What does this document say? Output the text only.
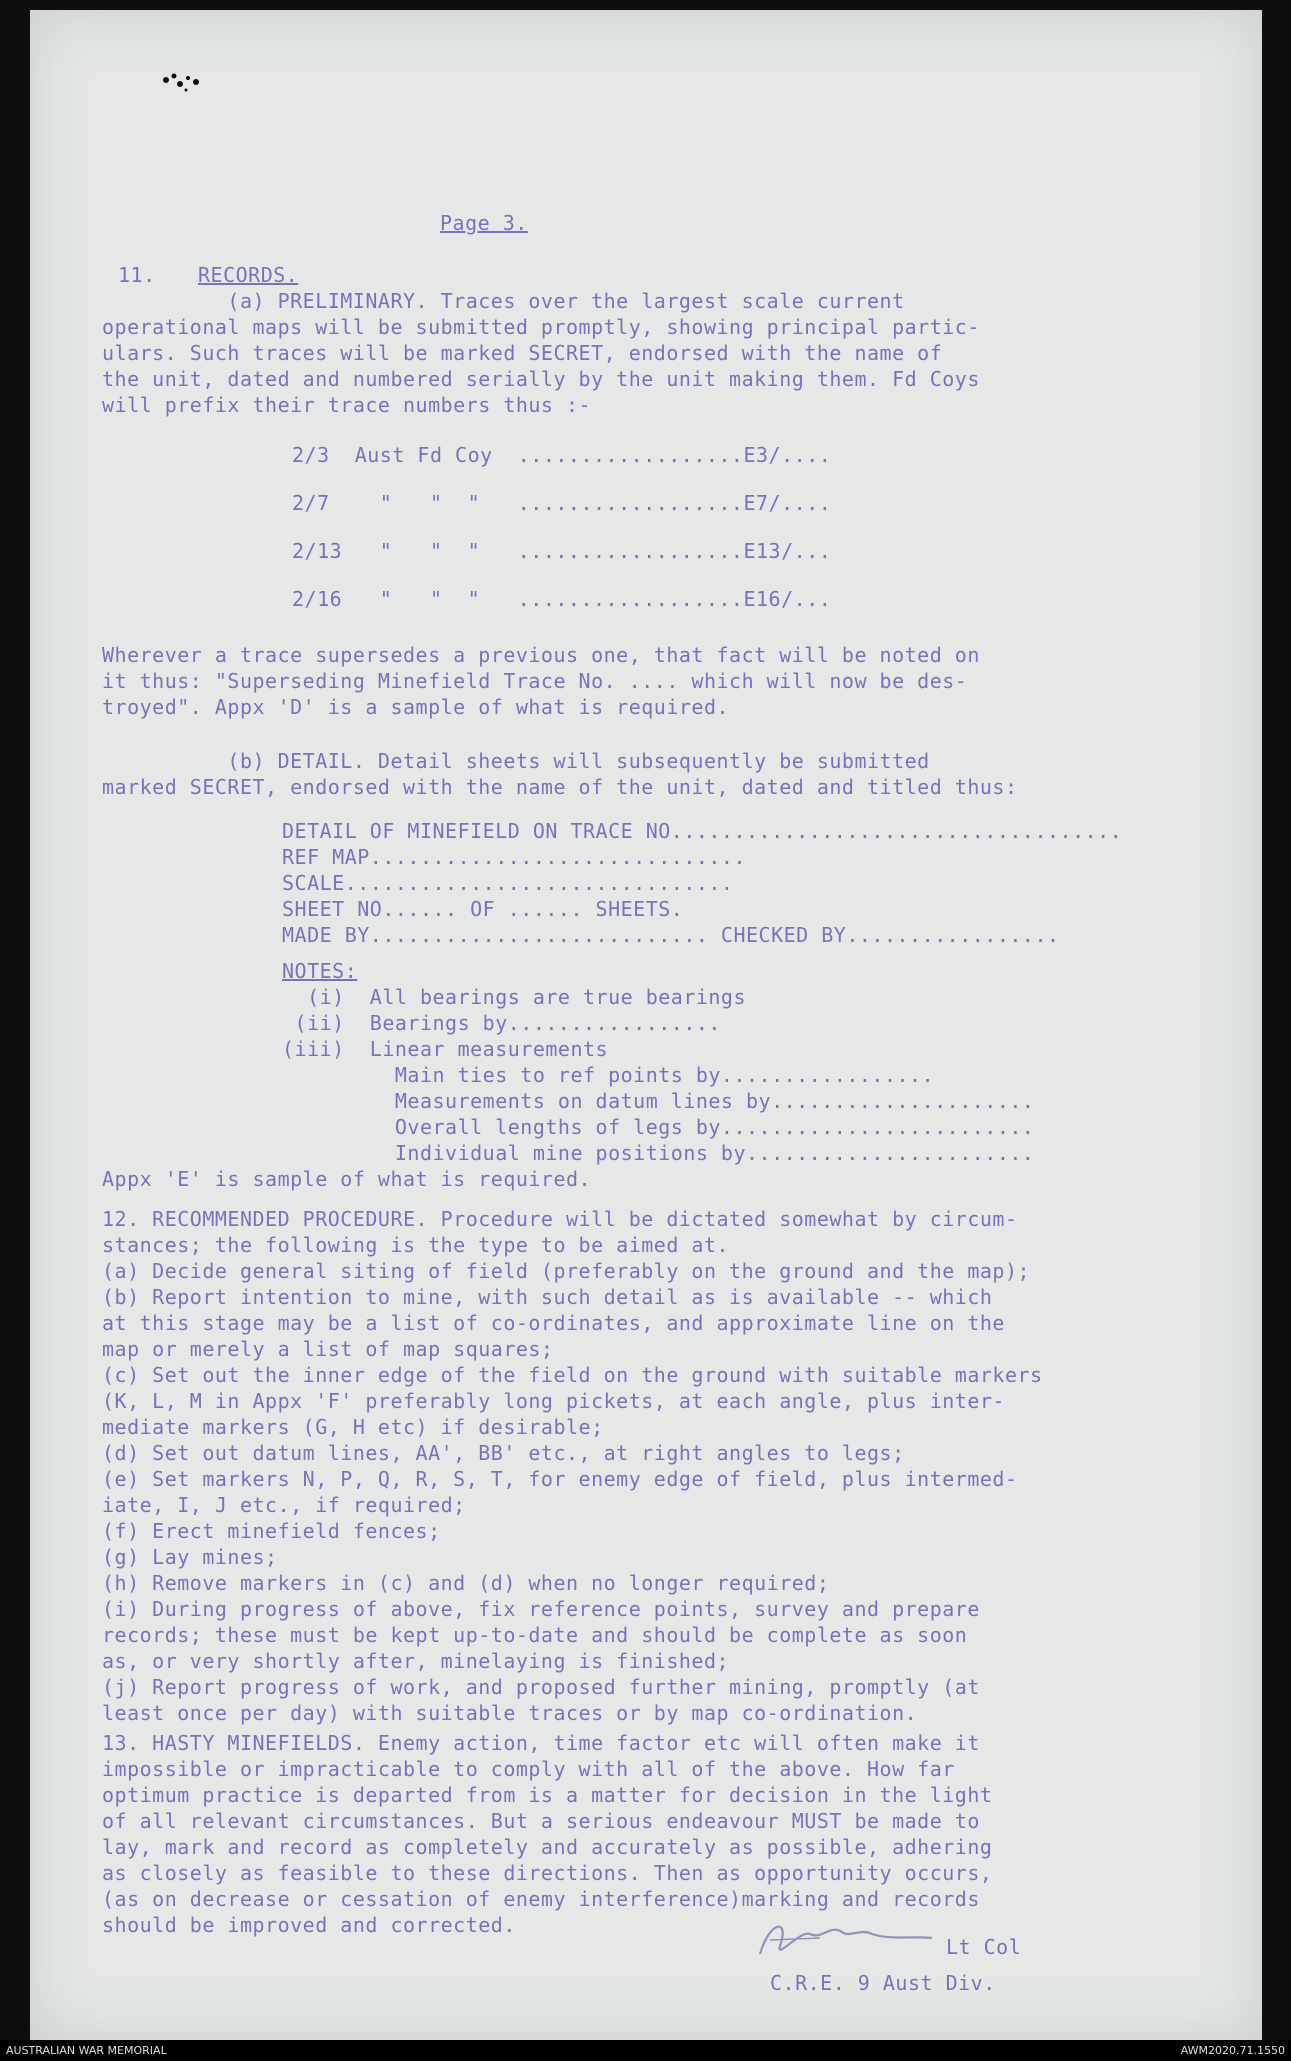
Page 3.
11. RECORDS.
(a) PRELIMINARY. Traces over the largest scale current
operational maps will be submitted promptly, showing principal partic-
ulars. Such traces will be marked SECRET, endorsed with the name of
the unit, dated and numbered serially by the unit making them. Fd Coys
will prefix their trace numbers thus :-
2/3  Aust Fd Coy  ..................E3/....
2/7    "   "  "   ..................E7/....
2/13   "   "  "   ..................E13/...
2/16   "   "  "   ..................E16/...
Wherever a trace supersedes a previous one, that fact will be noted on
it thus: "Superseding Minefield Trace No. .... which will now be des-
troyed". Appx 'D' is a sample of what is required.
(b) DETAIL. Detail sheets will subsequently be submitted
marked SECRET, endorsed with the name of the unit, dated and titled thus:
DETAIL OF MINEFIELD ON TRACE NO....................................
REF MAP..............................
SCALE...............................
SHEET NO...... OF ...... SHEETS.
MADE BY........................... CHECKED BY.................
NOTES:
(i)  All bearings are true bearings
(ii)  Bearings by.................
(iii)  Linear measurements
Main ties to ref points by.................
Measurements on datum lines by.....................
Overall lengths of legs by.........................
Individual mine positions by.......................
Appx 'E' is sample of what is required.
12. RECOMMENDED PROCEDURE. Procedure will be dictated somewhat by circum-
stances; the following is the type to be aimed at.
(a) Decide general siting of field (preferably on the ground and the map);
(b) Report intention to mine, with such detail as is available -- which
at this stage may be a list of co-ordinates, and approximate line on the
map or merely a list of map squares;
(c) Set out the inner edge of the field on the ground with suitable markers
(K, L, M in Appx 'F' preferably long pickets, at each angle, plus inter-
mediate markers (G, H etc) if desirable;
(d) Set out datum lines, AA', BB' etc., at right angles to legs;
(e) Set markers N, P, Q, R, S, T, for enemy edge of field, plus intermed-
iate, I, J etc., if required;
(f) Erect minefield fences;
(g) Lay mines;
(h) Remove markers in (c) and (d) when no longer required;
(i) During progress of above, fix reference points, survey and prepare
records; these must be kept up-to-date and should be complete as soon
as, or very shortly after, minelaying is finished;
(j) Report progress of work, and proposed further mining, promptly (at
least once per day) with suitable traces or by map co-ordination.
13. HASTY MINEFIELDS. Enemy action, time factor etc will often make it
impossible or impracticable to comply with all of the above. How far
optimum practice is departed from is a matter for decision in the light
of all relevant circumstances. But a serious endeavour MUST be made to
lay, mark and record as completely and accurately as possible, adhering
as closely as feasible to these directions. Then as opportunity occurs,
(as on decrease or cessation of enemy interference)marking and records
should be improved and corrected.
Lt Col
C.R.E. 9 Aust Div.
AUSTRALIAN WAR MEMORIAL	AWM2020.71.1550
